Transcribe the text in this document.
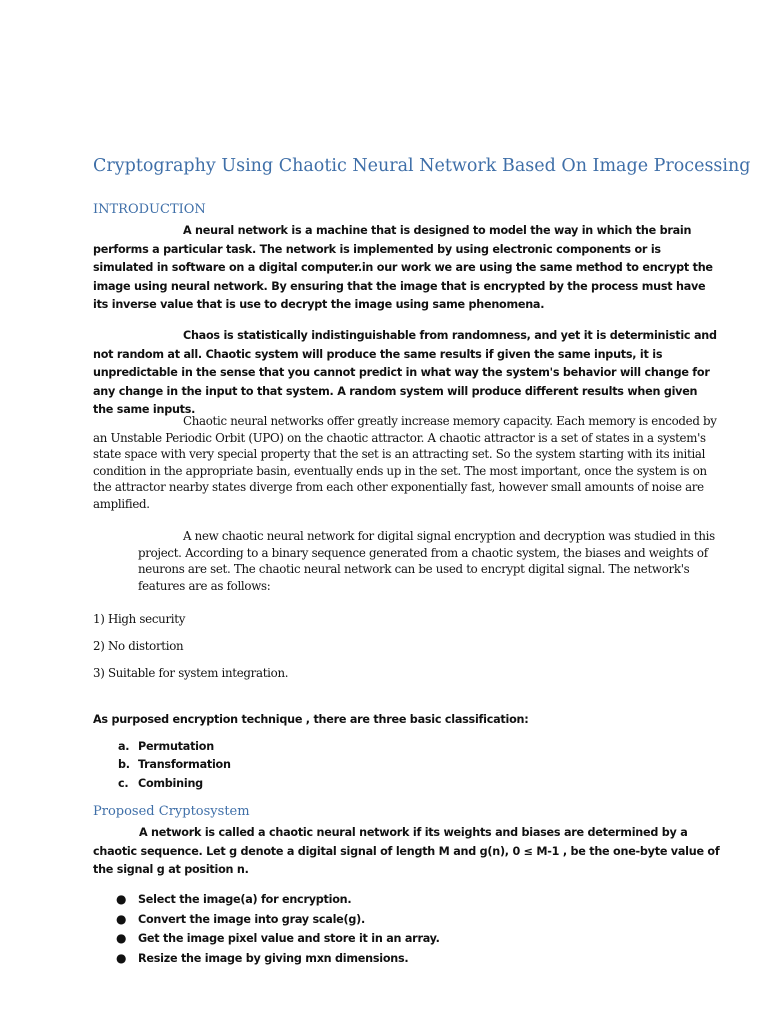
Cryptography Using Chaotic Neural Network Based On Image Processing
INTRODUCTION

A neural network is a machine that is designed to model the way in which the brain performs a particular task. The network is implemented by using electronic components or is simulated in software on a digital computer.in our work we are using the same method to encrypt the image using neural network. By ensuring that the image that is encrypted by the process must have its inverse value that is use to decrypt the image using same phenomena.

Chaos is statistically indistinguishable from randomness, and yet it is deterministic and not random at all. Chaotic system will produce the same results if given the same inputs, it is unpredictable in the sense that you cannot predict in what way the system's behavior will change for any change in the input to that system. A random system will produce different results when given the same inputs.

Chaotic neural networks offer greatly increase memory capacity. Each memory is encoded by an Unstable Periodic Orbit (UPO) on the chaotic attractor. A chaotic attractor is a set of states in a system's state space with very special property that the set is an attracting set. So the system starting with its initial condition in the appropriate basin, eventually ends up in the set. The most important, once the system is on the attractor nearby states diverge from each other exponentially fast, however small amounts of noise are amplified.

A new chaotic neural network for digital signal encryption and decryption was studied in this project. According to a binary sequence generated from a chaotic system, the biases and weights of neurons are set. The chaotic neural network can be used to encrypt digital signal. The network's features are as follows:

1) High security

2) No distortion

3) Suitable for system integration.

As purposed encryption technique , there are three basic classification:

a. Permutation
b. Transformation
c. Combining
Proposed Cryptosystem

A network is called a chaotic neural network if its weights and biases are determined by a chaotic sequence. Let g denote a digital signal of length M and g(n), 0 ≤ M-1 , be the one-byte value of the signal g at position n.

● Select the image(a) for encryption.
● Convert the image into gray scale(g).
● Get the image pixel value and store it in an array.
● Resize the image by giving mxn dimensions.
